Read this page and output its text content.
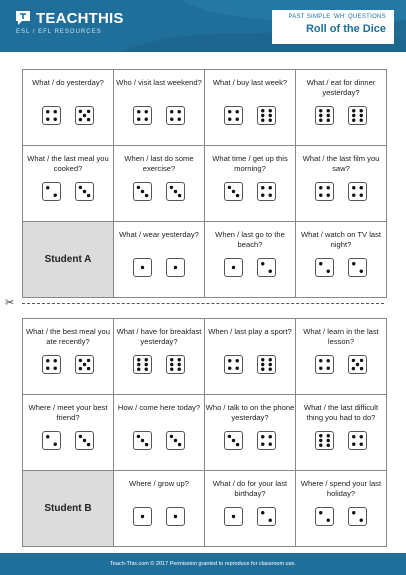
TEACHTHIS
ESL / EFL RESOURCES
PAST SIMPLE 'WH' QUESTIONS
Roll of the Dice
What / do yesterday?	Who / visit last weekend?	What / buy last week?	What / eat for dinner yesterday?

What / the last meal you cooked?	When / last do some exercise?	What time / get up this morning?	What / the last film you saw?

Student A	What / wear yesterday?	When / last go to the beach?	What / watch on TV last night?
✂
What / the best meal you ate recently?	What / have for breakfast yesterday?	When / last play a sport?	What / learn in the last lesson?

Where / meet your best friend?	How / come here today?	Who / talk to on the phone yesterday?	What / the last difficult thing you had to do?

Student B	Where / grow up?	What / do for your last birthday?	Where / spend your last holiday?
Teach-This.com © 2017 Permission granted to reproduce for classroom use.
